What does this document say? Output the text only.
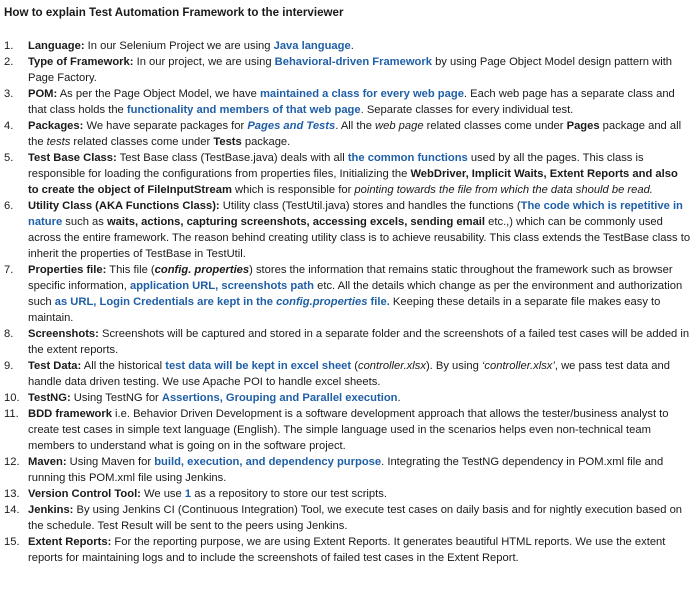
How to explain Test Automation Framework to the interviewer
1.	Language: In our Selenium Project we are using Java language.
2.	Type of Framework: In our project, we are using Behavioral-driven Framework by using Page Object Model design pattern with Page Factory.
3.	POM: As per the Page Object Model, we have maintained a class for every web page. Each web page has a separate class and that class holds the functionality and members of that web page. Separate classes for every individual test.
4.	Packages: We have separate packages for Pages and Tests. All the web page related classes come under Pages package and all the tests related classes come under Tests package.
5.	Test Base Class: Test Base class (TestBase.java) deals with all the common functions used by all the pages. This class is responsible for loading the configurations from properties files, Initializing the WebDriver, Implicit Waits, Extent Reports and also to create the object of FileInputStream which is responsible for pointing towards the file from which the data should be read.
6.	Utility Class (AKA Functions Class): Utility class (TestUtil.java) stores and handles the functions (The code which is repetitive in nature such as waits, actions, capturing screenshots, accessing excels, sending email etc.,) which can be commonly used across the entire framework. The reason behind creating utility class is to achieve reusability. This class extends the TestBase class to inherit the properties of TestBase in TestUtil.
7.	Properties file: This file (config. properties) stores the information that remains static throughout the framework such as browser specific information, application URL, screenshots path etc. All the details which change as per the environment and authorization such as URL, Login Credentials are kept in the config.properties file. Keeping these details in a separate file makes easy to maintain.
8.	Screenshots: Screenshots will be captured and stored in a separate folder and the screenshots of a failed test cases will be added in the extent reports.
9.	Test Data: All the historical test data will be kept in excel sheet (controller.xlsx). By using ‘controller.xlsx’, we pass test data and handle data driven testing. We use Apache POI to handle excel sheets.
10. TestNG: Using TestNG for Assertions, Grouping and Parallel execution.
11. BDD framework i.e. Behavior Driven Development is a software development approach that allows the tester/business analyst to create test cases in simple text language (English). The simple language used in the scenarios helps even non-technical team members to understand what is going on in the software project.
12. Maven: Using Maven for build, execution, and dependency purpose. Integrating the TestNG dependency in POM.xml file and running this POM.xml file using Jenkins.
13. Version Control Tool: We use 1 as a repository to store our test scripts.
14. Jenkins: By using Jenkins CI (Continuous Integration) Tool, we execute test cases on daily basis and for nightly execution based on the schedule. Test Result will be sent to the peers using Jenkins.
15. Extent Reports: For the reporting purpose, we are using Extent Reports. It generates beautiful HTML reports. We use the extent reports for maintaining logs and to include the screenshots of failed test cases in the Extent Report.
